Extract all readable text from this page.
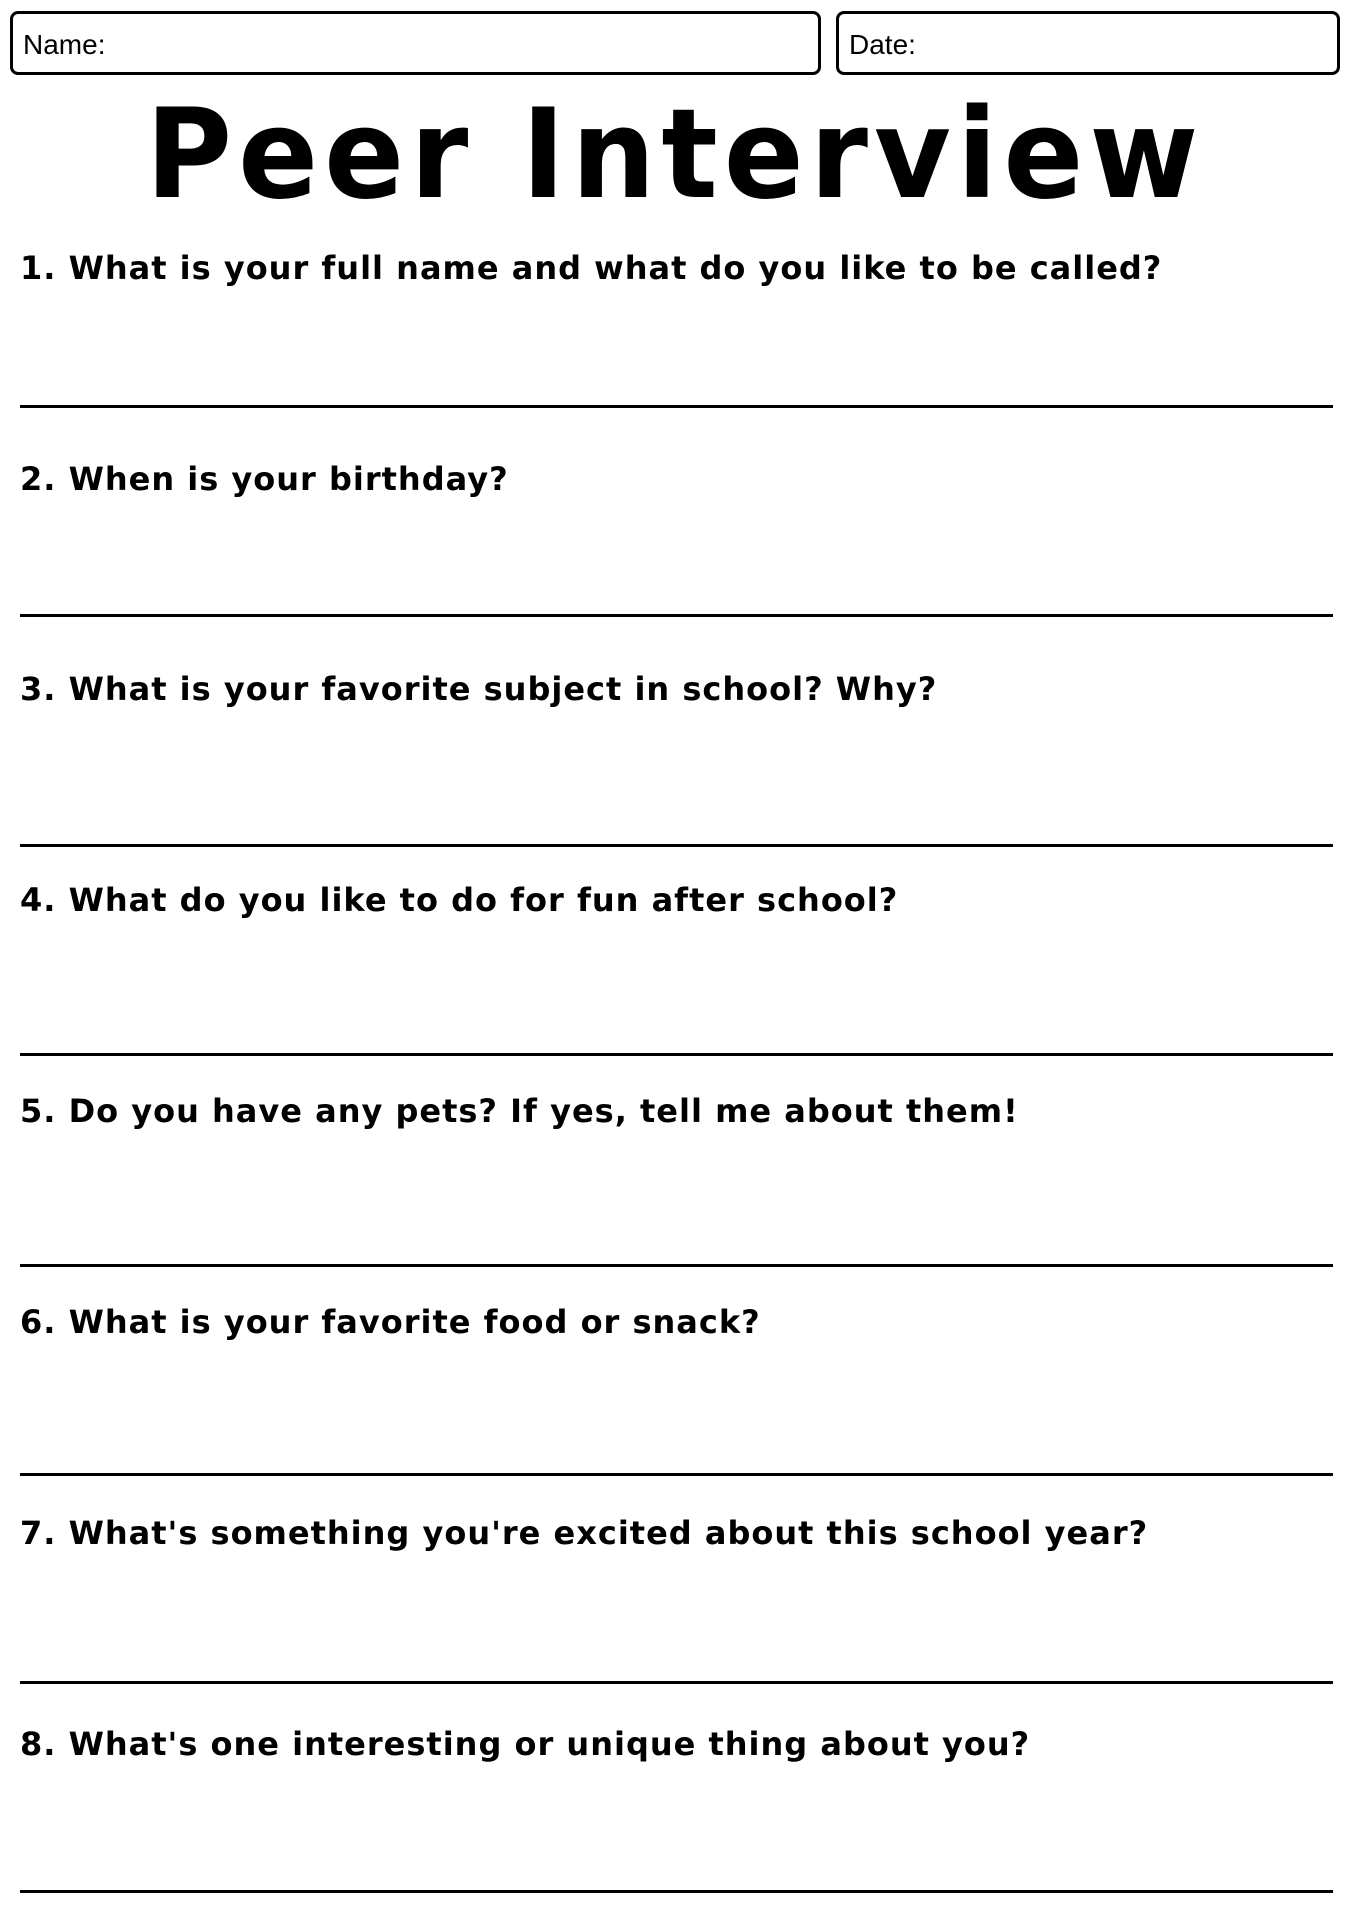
Name:	Date:
Peer Interview
1. What is your full name and what do you like to be called?
2. When is your birthday?
3. What is your favorite subject in school? Why?
4. What do you like to do for fun after school?
5. Do you have any pets? If yes, tell me about them!
6. What is your favorite food or snack?
7. What's something you're excited about this school year?
8. What's one interesting or unique thing about you?
